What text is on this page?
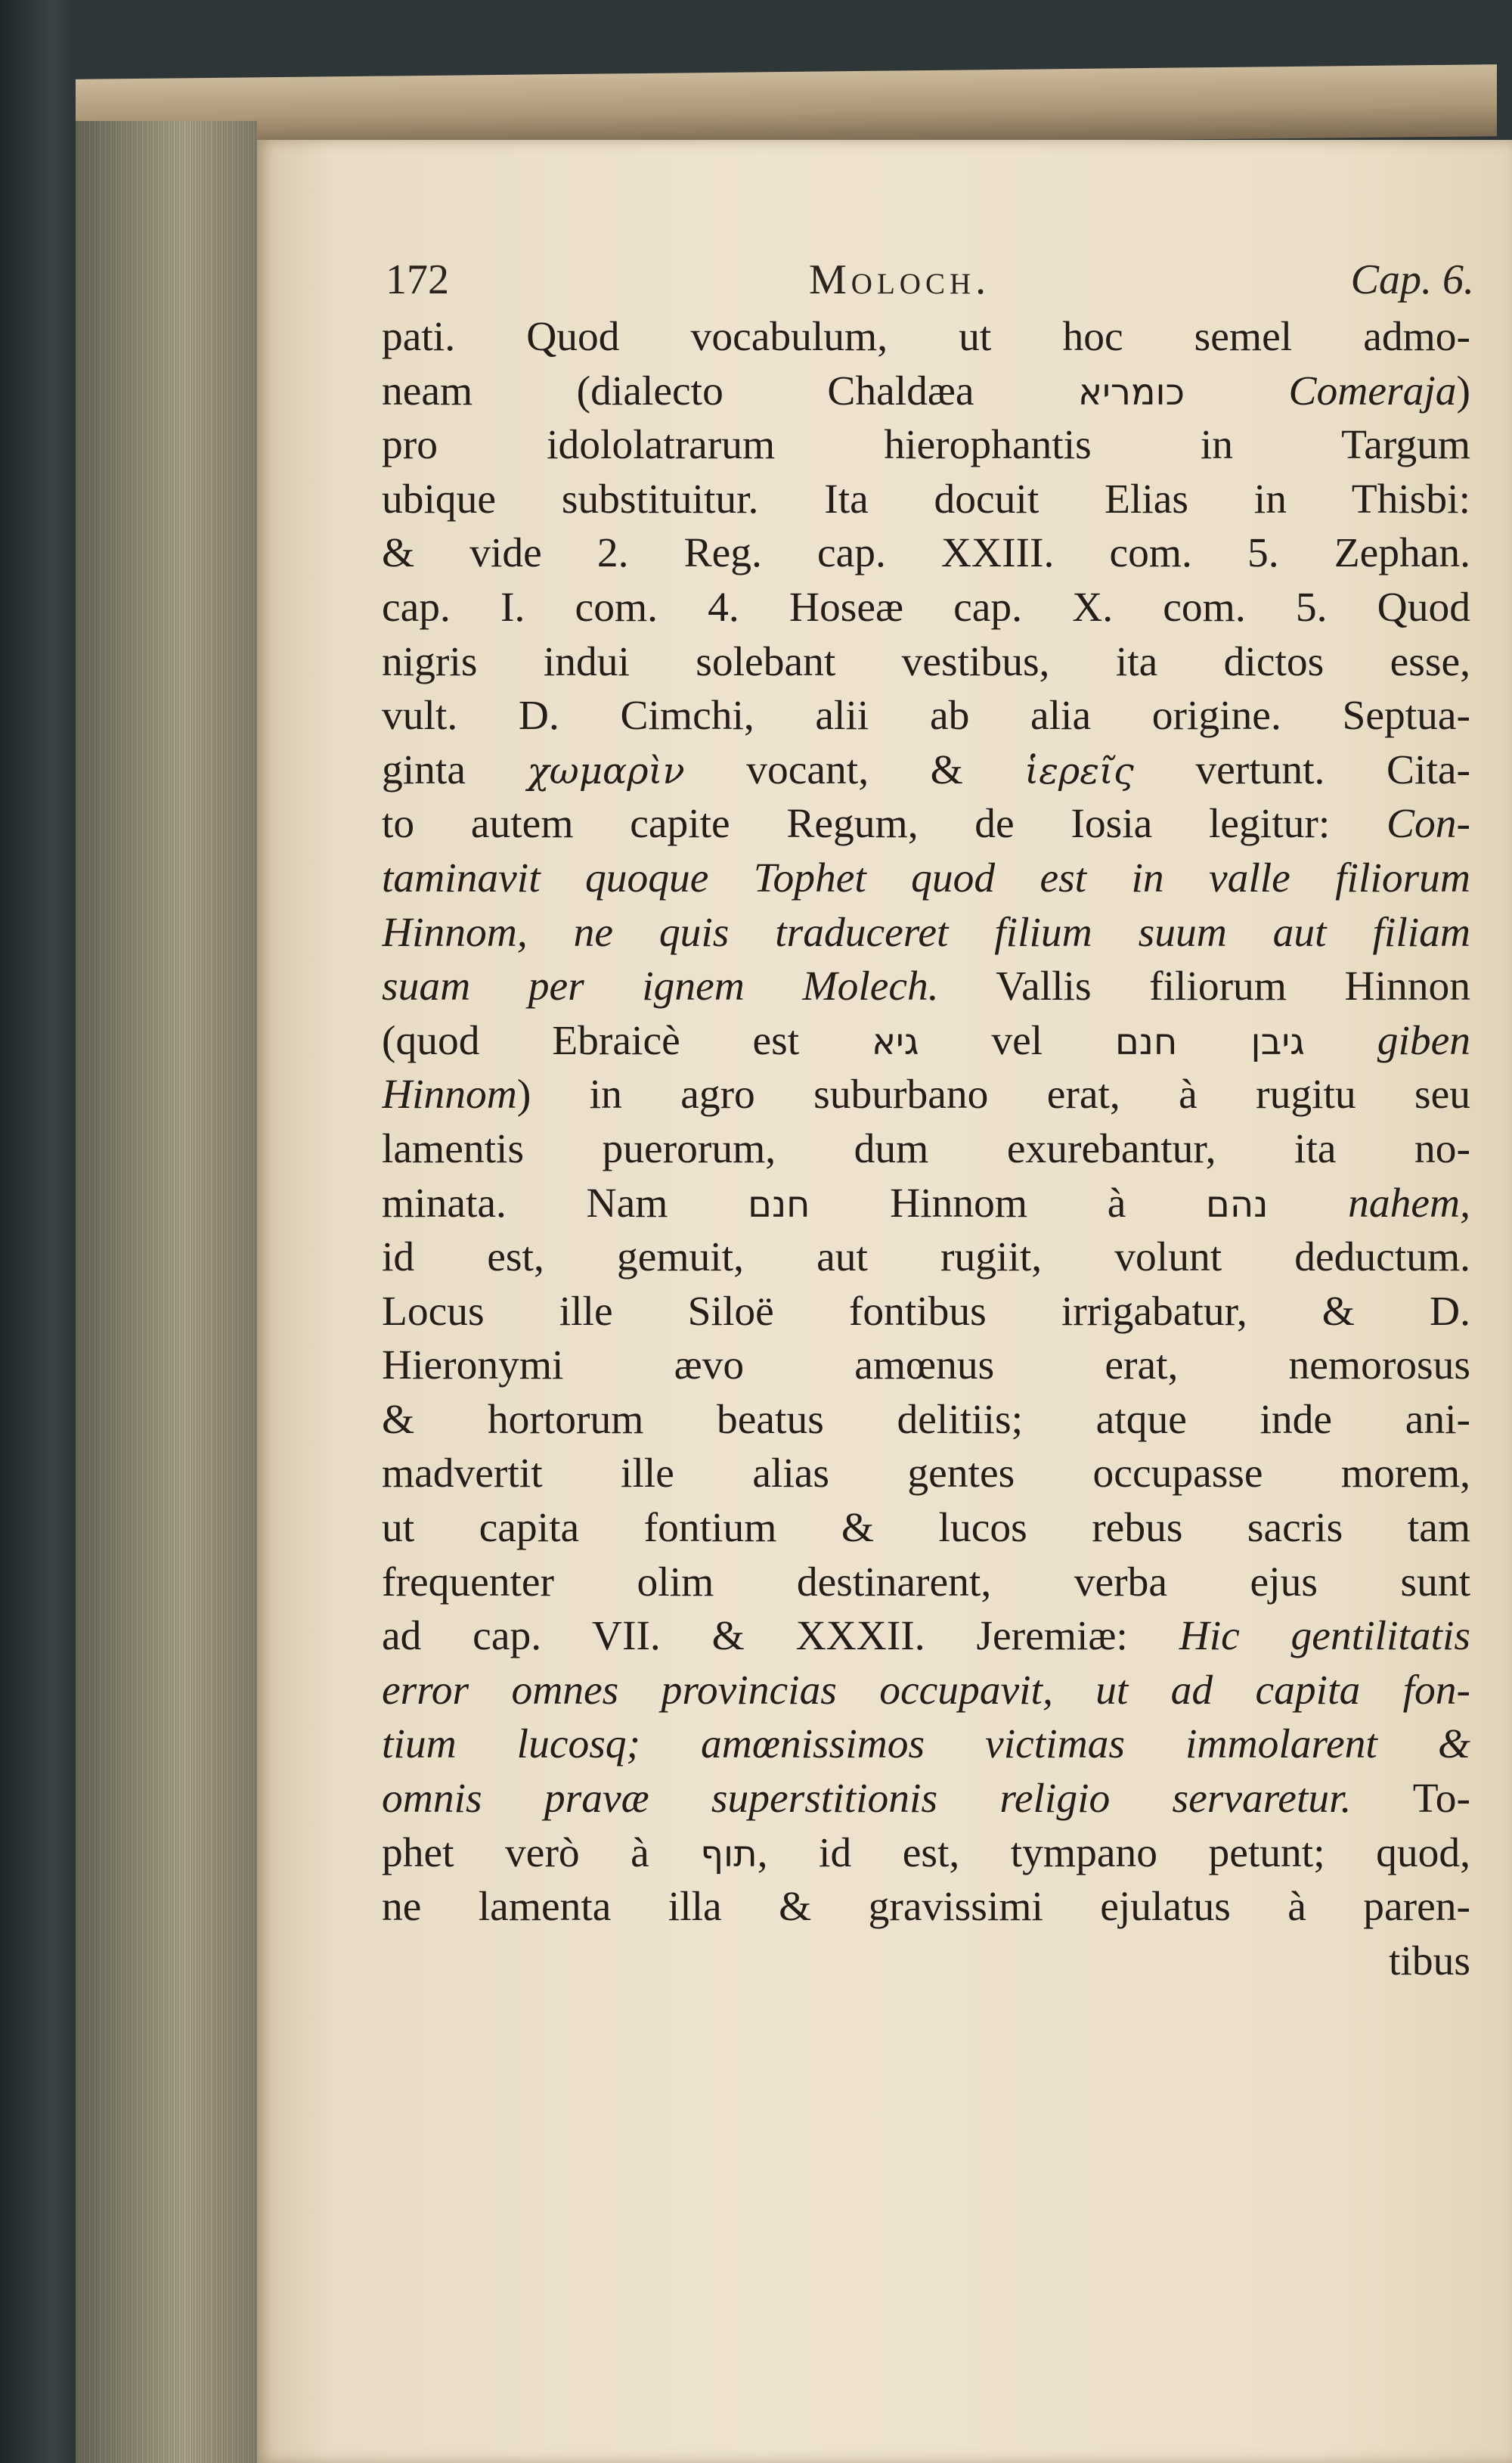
172	Moloch.	Cap. 6.
pati. Quod vocabulum, ut hoc semel admo-
neam (dialecto Chaldæa כומריא Comeraja)
pro idololatrarum hierophantis in Targum
ubique substituitur. Ita docuit Elias in Thisbi:
& vide 2. Reg. cap. XXIII. com. 5. Zephan.
cap. I. com. 4. Hoseæ cap. X. com. 5. Quod
nigris indui solebant vestibus, ita dictos esse,
vult. D. Cimchi, alii ab alia origine. Septua-
ginta χωμαρὶν vocant, & ἱερεῖς vertunt. Cita-
to autem capite Regum, de Iosia legitur: Con-
taminavit quoque Tophet quod est in valle filiorum
Hinnom, ne quis traduceret filium suum aut filiam
suam per ignem Molech. Vallis filiorum Hinnon
(quod Ebraicè est גיא vel גיבן חנם giben
Hinnom) in agro suburbano erat, à rugitu seu
lamentis puerorum, dum exurebantur, ita no-
minata. Nam חנם Hinnom à נהם nahem,
id est, gemuit, aut rugiit, volunt deductum.
Locus ille Siloë fontibus irrigabatur, & D.
Hieronymi ævo amœnus erat, nemorosus
& hortorum beatus delitiis; atque inde ani-
madvertit ille alias gentes occupasse morem,
ut capita fontium & lucos rebus sacris tam
frequenter olim destinarent, verba ejus sunt
ad cap. VII. & XXXII. Jeremiæ: Hic gentilitatis
error omnes provincias occupavit, ut ad capita fon-
tium lucosq; amœnissimos victimas immolarent &
omnis pravæ superstitionis religio servaretur. To-
phet verò à תוף, id est, tympano petunt; quod,
ne lamenta illa & gravissimi ejulatus à paren-
tibus
